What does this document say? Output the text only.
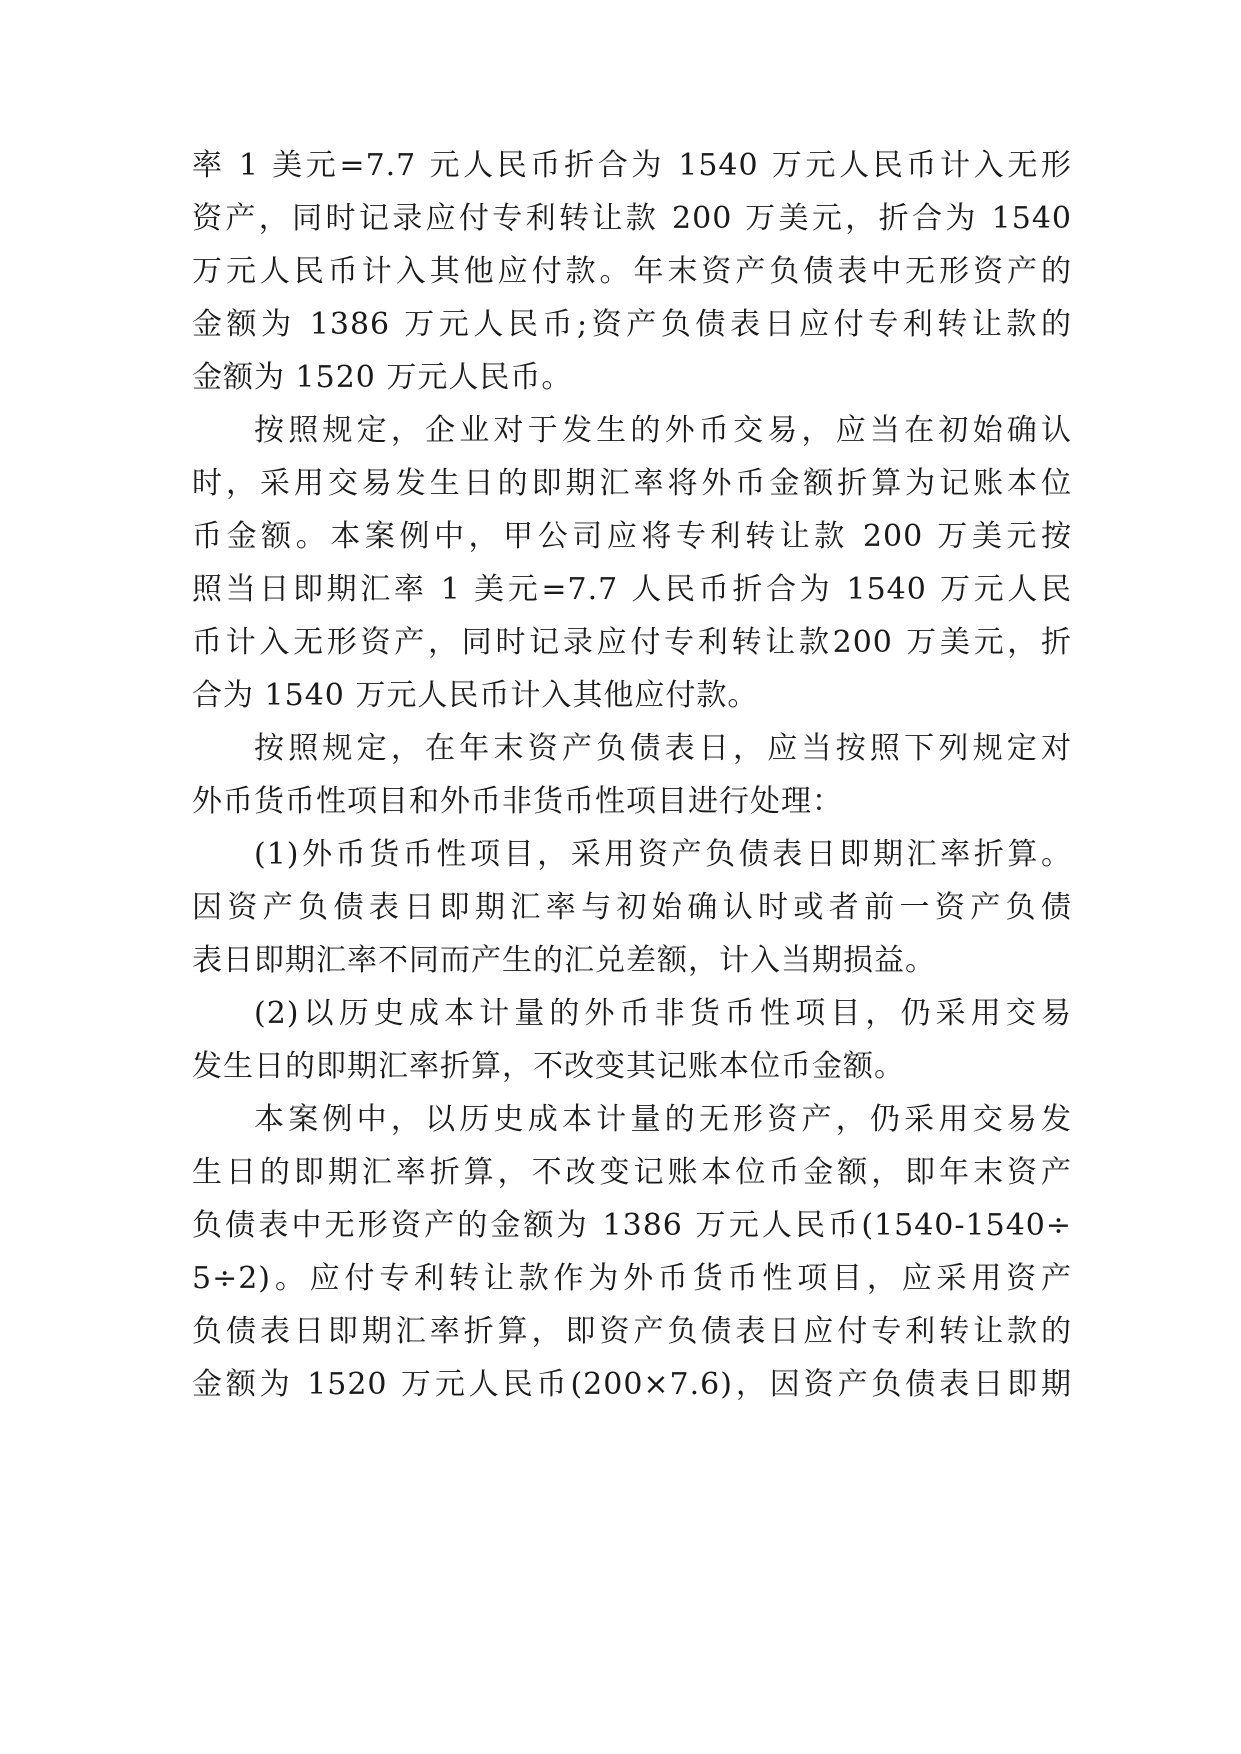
率 1 美元=7.7 元人民币折合为 1540 万元人民币计入无形
资产，同时记录应付专利转让款 200 万美元，折合为 1540
万元人民币计入其他应付款。年末资产负债表中无形资产的
金额为 1386 万元人民币;资产负债表日应付专利转让款的
金额为 1520 万元人民币。
按照规定，企业对于发生的外币交易，应当在初始确认
时，采用交易发生日的即期汇率将外币金额折算为记账本位
币金额。本案例中，甲公司应将专利转让款 200 万美元按
照当日即期汇率 1 美元=7.7 人民币折合为 1540 万元人民
币计入无形资产，同时记录应付专利转让款200 万美元，折
合为 1540 万元人民币计入其他应付款。
按照规定，在年末资产负债表日，应当按照下列规定对
外币货币性项目和外币非货币性项目进行处理：
(1)外币货币性项目，采用资产负债表日即期汇率折算。
因资产负债表日即期汇率与初始确认时或者前一资产负债
表日即期汇率不同而产生的汇兑差额，计入当期损益。
(2)以历史成本计量的外币非货币性项目，仍采用交易
发生日的即期汇率折算，不改变其记账本位币金额。
本案例中，以历史成本计量的无形资产，仍采用交易发
生日的即期汇率折算，不改变记账本位币金额，即年末资产
负债表中无形资产的金额为 1386 万元人民币(1540-1540÷
5÷2)。应付专利转让款作为外币货币性项目，应采用资产
负债表日即期汇率折算，即资产负债表日应付专利转让款的
金额为 1520 万元人民币(200×7.6)，因资产负债表日即期
